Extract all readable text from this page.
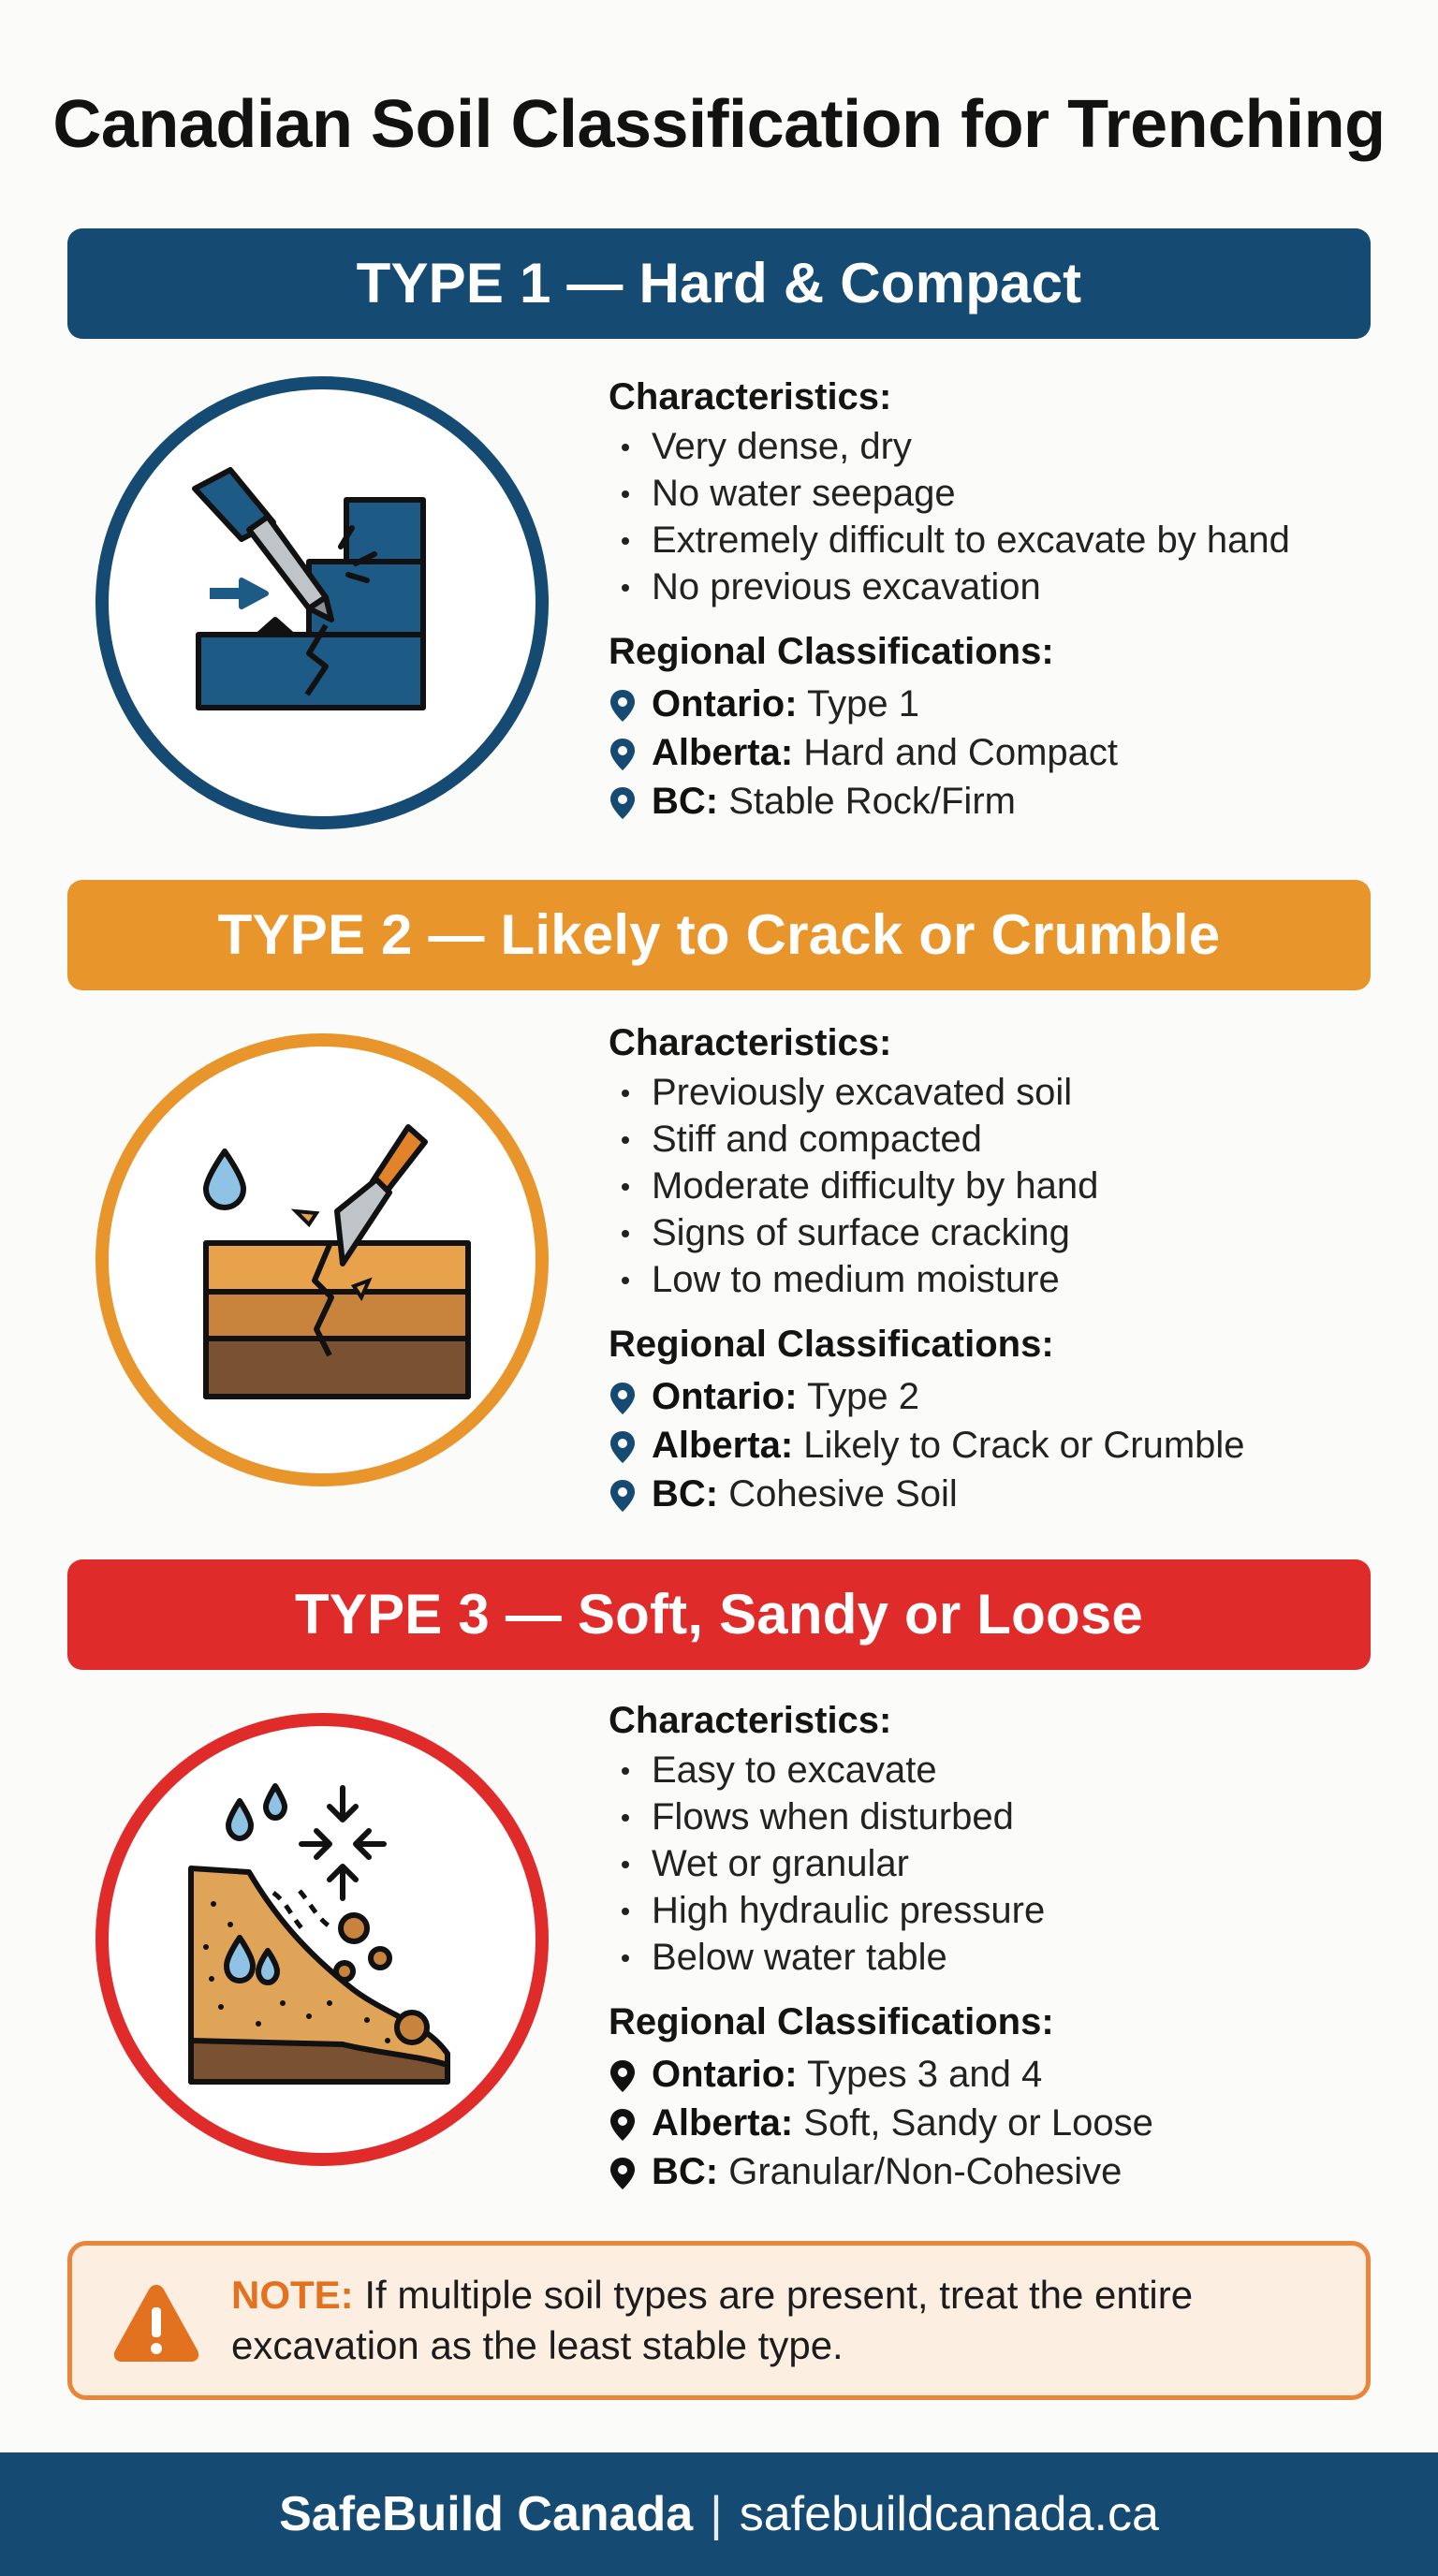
Canadian Soil Classification for Trenching
TYPE 1 — Hard & Compact
Characteristics:
Very dense, dry
No water seepage
Extremely difficult to excavate by hand
No previous excavation
Regional Classifications:
Ontario: Type 1
Alberta: Hard and Compact
BC: Stable Rock/Firm
TYPE 2 — Likely to Crack or Crumble
Characteristics:
Previously excavated soil
Stiff and compacted
Moderate difficulty by hand
Signs of surface cracking
Low to medium moisture
Regional Classifications:
Ontario: Type 2
Alberta: Likely to Crack or Crumble
BC: Cohesive Soil
TYPE 3 — Soft, Sandy or Loose
Characteristics:
Easy to excavate
Flows when disturbed
Wet or granular
High hydraulic pressure
Below water table
Regional Classifications:
Ontario: Types 3 and 4
Alberta: Soft, Sandy or Loose
BC: Granular/Non-Cohesive
NOTE: If multiple soil types are present, treat the entire excavation as the least stable type.
SafeBuild Canada | safebuildcanada.ca
